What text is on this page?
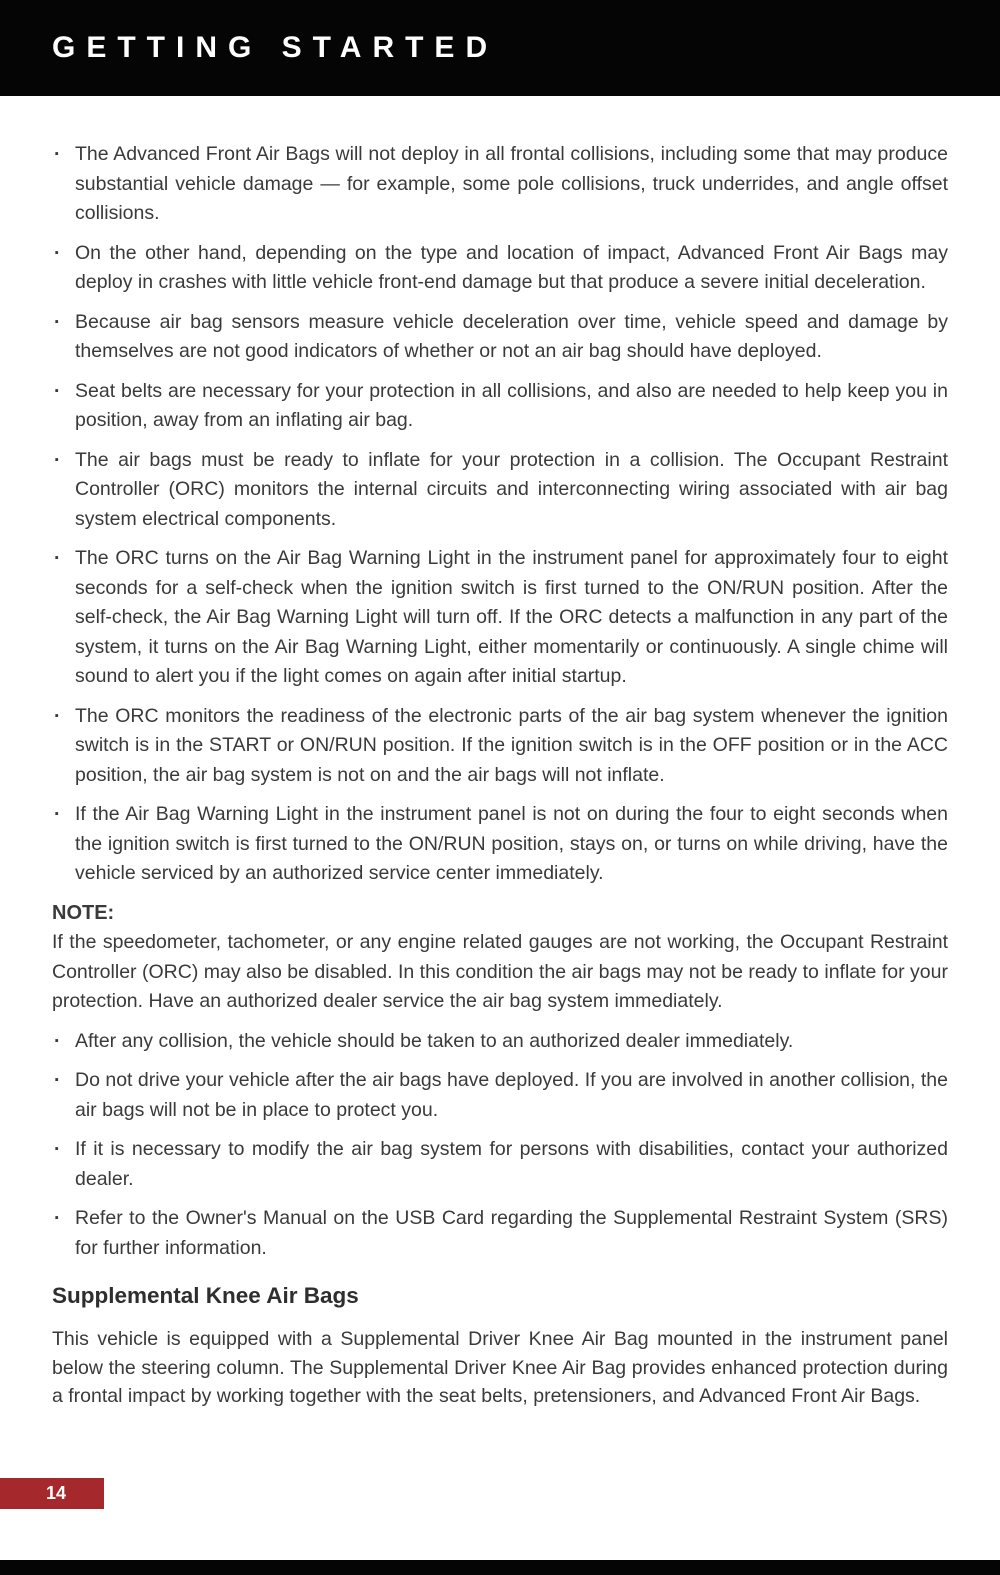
GETTING STARTED
· The Advanced Front Air Bags will not deploy in all frontal collisions, including some that may produce substantial vehicle damage — for example, some pole collisions, truck underrides, and angle offset collisions.
· On the other hand, depending on the type and location of impact, Advanced Front Air Bags may deploy in crashes with little vehicle front-end damage but that produce a severe initial deceleration.
· Because air bag sensors measure vehicle deceleration over time, vehicle speed and damage by themselves are not good indicators of whether or not an air bag should have deployed.
· Seat belts are necessary for your protection in all collisions, and also are needed to help keep you in position, away from an inflating air bag.
· The air bags must be ready to inflate for your protection in a collision. The Occupant Restraint Controller (ORC) monitors the internal circuits and interconnecting wiring associated with air bag system electrical components.
· The ORC turns on the Air Bag Warning Light in the instrument panel for approximately four to eight seconds for a self-check when the ignition switch is first turned to the ON/RUN position. After the self-check, the Air Bag Warning Light will turn off. If the ORC detects a malfunction in any part of the system, it turns on the Air Bag Warning Light, either momentarily or continuously. A single chime will sound to alert you if the light comes on again after initial startup.
· The ORC monitors the readiness of the electronic parts of the air bag system whenever the ignition switch is in the START or ON/RUN position. If the ignition switch is in the OFF position or in the ACC position, the air bag system is not on and the air bags will not inflate.
· If the Air Bag Warning Light in the instrument panel is not on during the four to eight seconds when the ignition switch is first turned to the ON/RUN position, stays on, or turns on while driving, have the vehicle serviced by an authorized service center immediately.
NOTE:
If the speedometer, tachometer, or any engine related gauges are not working, the Occupant Restraint Controller (ORC) may also be disabled. In this condition the air bags may not be ready to inflate for your protection. Have an authorized dealer service the air bag system immediately.
· After any collision, the vehicle should be taken to an authorized dealer immediately.
· Do not drive your vehicle after the air bags have deployed. If you are involved in another collision, the air bags will not be in place to protect you.
· If it is necessary to modify the air bag system for persons with disabilities, contact your authorized dealer.
· Refer to the Owner's Manual on the USB Card regarding the Supplemental Restraint System (SRS) for further information.
Supplemental Knee Air Bags
This vehicle is equipped with a Supplemental Driver Knee Air Bag mounted in the instrument panel below the steering column. The Supplemental Driver Knee Air Bag provides enhanced protection during a frontal impact by working together with the seat belts, pretensioners, and Advanced Front Air Bags.
14
